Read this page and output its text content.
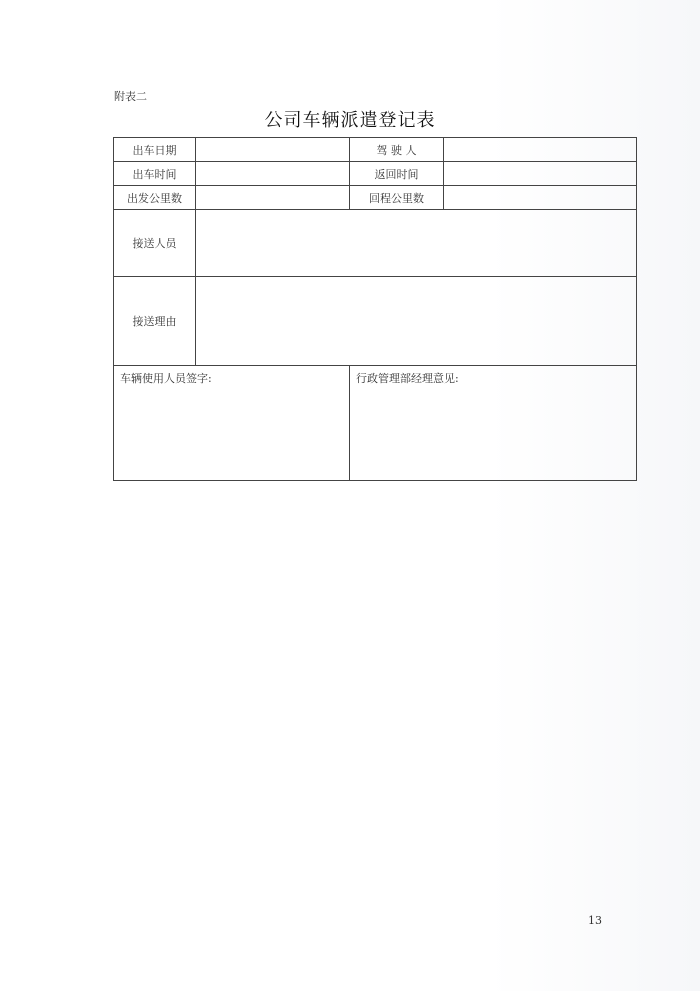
附表二
公司车辆派遣登记表
出车日期		驾 驶 人	
出车时间		返回时间	
出发公里数		回程公里数	
接送人员			
接送理由			

车辆使用人员签字: 行政管理部经理意见:			
13
